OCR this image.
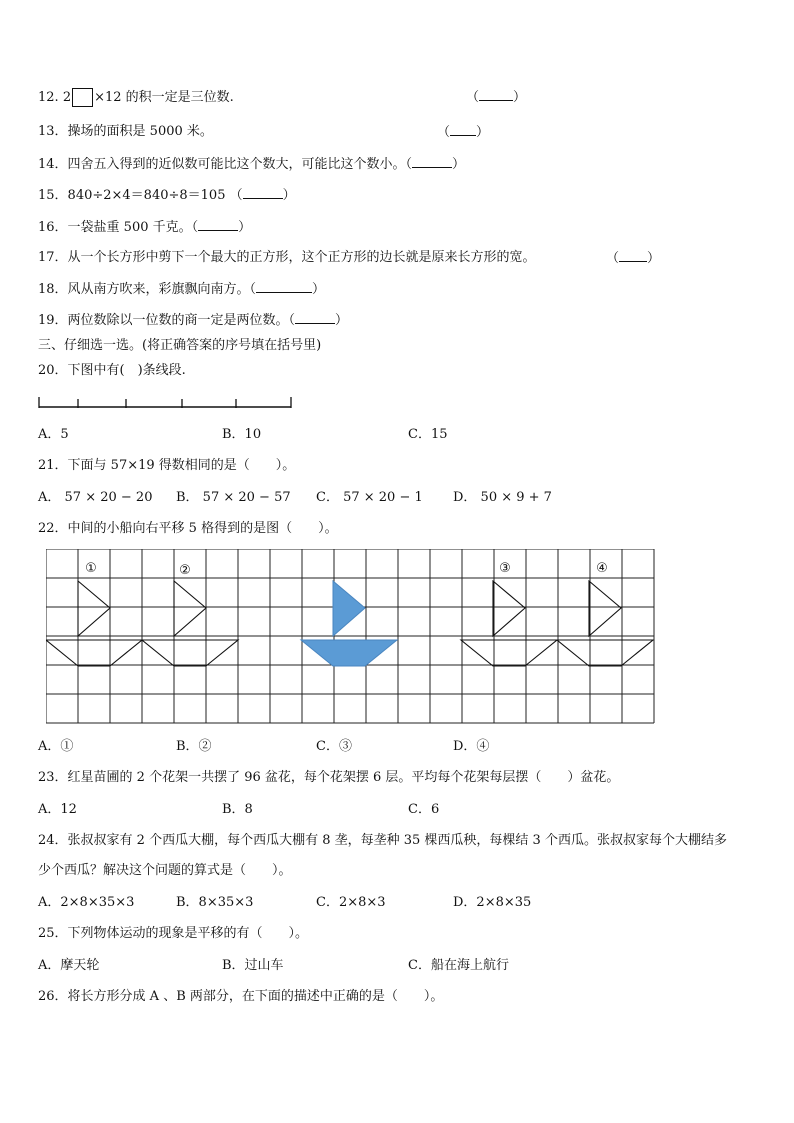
12. 2 ×12 的积一定是三位数.	（	）
13．操场的面积是 5000 米。	（ ）
14．四舍五入得到的近似数可能比这个数大，可能比这个数小。（	）
15．840÷2×4＝840÷8＝105 （	）
16．一袋盐重 500 千克。（	）
17．从一个长方形中剪下一个最大的正方形，这个正方形的边长就是原来长方形的宽。	（ ）
18．风从南方吹来，彩旗飘向南方。（	）
19．两位数除以一位数的商一定是两位数。（	）
三、仔细选一选。(将正确答案的序号填在括号里)
20．下图中有(　)条线段.
A．5	B．10	C．15
21．下面与 57×19 得数相同的是（　　）。
A． 57 × 20 − 20 B． 57 × 20 − 57 C． 57 × 20 − 1 D． 50 × 9 + 7
22．中间的小船向右平移 5 格得到的是图（　　）。
①	②	③	④
A．①	B．②	C．③	D．④
23．红星苗圃的 2 个花架一共摆了 96 盆花，每个花架摆 6 层。平均每个花架每层摆（　　）盆花。
A．12	B．8	C．6
24．张叔叔家有 2 个西瓜大棚，每个西瓜大棚有 8 垄，每垄种 35 棵西瓜秧，每棵结 3 个西瓜。张叔叔家每个大棚结多
少个西瓜？解决这个问题的算式是（　　）。
A．2×8×35×3	B．8×35×3	C．2×8×3	D．2×8×35
25．下列物体运动的现象是平移的有（　　）。
A．摩天轮	B．过山车	C．船在海上航行
26．将长方形分成 A 、B 两部分，在下面的描述中正确的是（　　）。
